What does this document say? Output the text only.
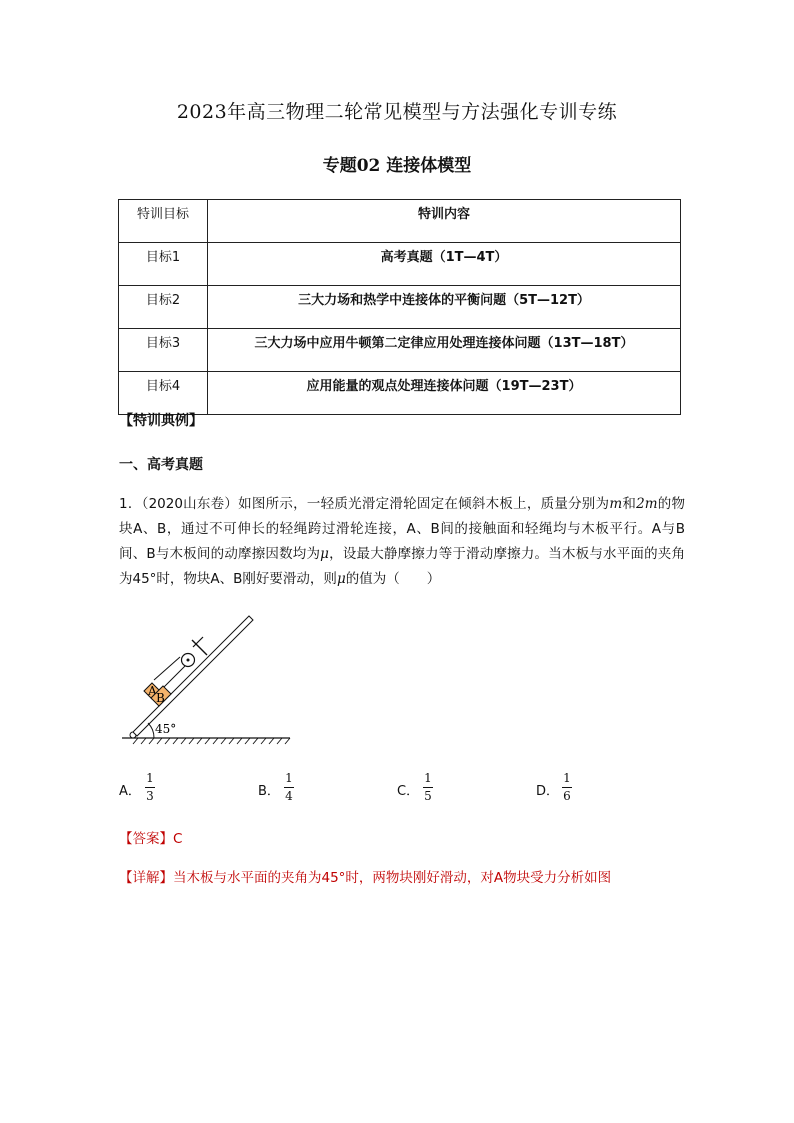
2023年高三物理二轮常见模型与方法强化专训专练
专题02 连接体模型
特训目标	特训内容
目标1	高考真题（1T—4T）
目标2	三大力场和热学中连接体的平衡问题（5T—12T）
目标3	三大力场中应用牛顿第二定律应用处理连接体问题（13T—18T）
目标4	应用能量的观点处理连接体问题（19T—23T）
【特训典例】
一、高考真题
1．（2020山东卷）如图所示，一轻质光滑定滑轮固定在倾斜木板上，质量分别为m和2m的物块A、B，通过不可伸长的轻绳跨过滑轮连接，A、B间的接触面和轻绳均与木板平行。A与B间、B与木板间的动摩擦因数均为μ，设最大静摩擦力等于滑动摩擦力。当木板与水平面的夹角为45°时，物块A、B刚好要滑动，则μ的值为（　　）
45°
A B
A．
1
3	B．
1
4	C．
1
5	D．
1
6
【答案】C
【详解】当木板与水平面的夹角为45°时，两物块刚好滑动，对A物块受力分析如图
